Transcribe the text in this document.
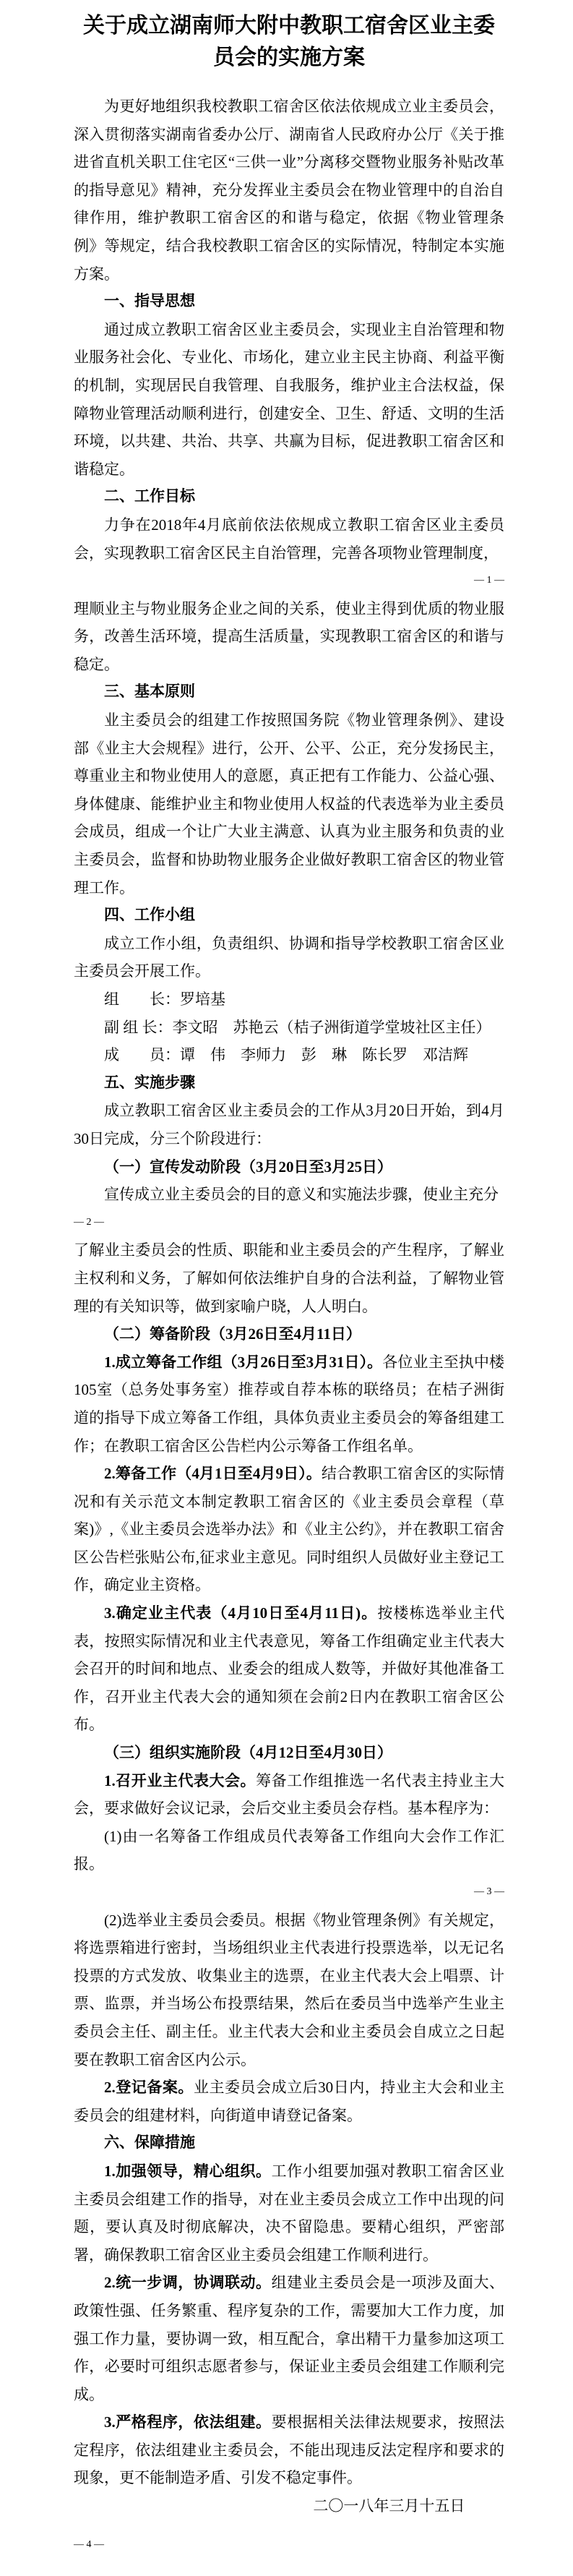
关于成立湖南师大附中教职工宿舍区业主委员会的实施方案

为更好地组织我校教职工宿舍区依法依规成立业主委员会，深入贯彻落实湖南省委办公厅、湖南省人民政府办公厅《关于推进省直机关职工住宅区“三供一业”分离移交暨物业服务补贴改革的指导意见》精神，充分发挥业主委员会在物业管理中的自治自律作用，维护教职工宿舍区的和谐与稳定，依据《物业管理条例》等规定，结合我校教职工宿舍区的实际情况，特制定本实施方案。

一、指导思想

通过成立教职工宿舍区业主委员会，实现业主自治管理和物业服务社会化、专业化、市场化，建立业主民主协商、利益平衡的机制，实现居民自我管理、自我服务，维护业主合法权益，保障物业管理活动顺利进行，创建安全、卫生、舒适、文明的生活环境，以共建、共治、共享、共赢为目标，促进教职工宿舍区和谐稳定。

二、工作目标

力争在2018年4月底前依法依规成立教职工宿舍区业主委员会，实现教职工宿舍区民主自治管理，完善各项物业管理制度，

— 1 —

理顺业主与物业服务企业之间的关系，使业主得到优质的物业服务，改善生活环境，提高生活质量，实现教职工宿舍区的和谐与稳定。

三、基本原则

业主委员会的组建工作按照国务院《物业管理条例》、建设部《业主大会规程》进行，公开、公平、公正，充分发扬民主，尊重业主和物业使用人的意愿，真正把有工作能力、公益心强、身体健康、能维护业主和物业使用人权益的代表选举为业主委员会成员，组成一个让广大业主满意、认真为业主服务和负责的业主委员会，监督和协助物业服务企业做好教职工宿舍区的物业管理工作。

四、工作小组

成立工作小组，负责组织、协调和指导学校教职工宿舍区业主委员会开展工作。

组　　长：罗培基

副 组 长：李文昭　苏艳云（桔子洲街道学堂坡社区主任）

成　　员：谭　伟　李师力　彭　琳　陈长罗　邓洁辉

五、实施步骤

成立教职工宿舍区业主委员会的工作从3月20日开始，到4月30日完成，分三个阶段进行：

（一）宣传发动阶段（3月20日至3月25日）

宣传成立业主委员会的目的意义和实施法步骤，使业主充分

— 2 —

了解业主委员会的性质、职能和业主委员会的产生程序，了解业主权利和义务，了解如何依法维护自身的合法利益，了解物业管理的有关知识等，做到家喻户晓，人人明白。

（二）筹备阶段（3月26日至4月11日）

1.成立筹备工作组（3月26日至3月31日）。各位业主至执中楼105室（总务处事务室）推荐或自荐本栋的联络员；在桔子洲街道的指导下成立筹备工作组，具体负责业主委员会的筹备组建工作；在教职工宿舍区公告栏内公示筹备工作组名单。

2.筹备工作（4月1日至4月9日）。结合教职工宿舍区的实际情况和有关示范文本制定教职工宿舍区的《业主委员会章程（草案)》,《业主委员会选举办法》和《业主公约》，并在教职工宿舍区公告栏张贴公布,征求业主意见。同时组织人员做好业主登记工作，确定业主资格。

3.确定业主代表（4月10日至4月11日)。按楼栋选举业主代表，按照实际情况和业主代表意见，筹备工作组确定业主代表大会召开的时间和地点、业委会的组成人数等，并做好其他准备工作，召开业主代表大会的通知须在会前2日内在教职工宿舍区公布。

（三）组织实施阶段（4月12日至4月30日）

1.召开业主代表大会。筹备工作组推选一名代表主持业主大会，要求做好会议记录，会后交业主委员会存档。基本程序为：

(1)由一名筹备工作组成员代表筹备工作组向大会作工作汇报。

— 3 —

(2)选举业主委员会委员。根据《物业管理条例》有关规定，将选票箱进行密封，当场组织业主代表进行投票选举，以无记名投票的方式发放、收集业主的选票，在业主代表大会上唱票、计票、监票，并当场公布投票结果，然后在委员当中选举产生业主委员会主任、副主任。业主代表大会和业主委员会自成立之日起要在教职工宿舍区内公示。

2.登记备案。业主委员会成立后30日内，持业主大会和业主委员会的组建材料，向街道申请登记备案。

六、保障措施

1.加强领导，精心组织。工作小组要加强对教职工宿舍区业主委员会组建工作的指导，对在业主委员会成立工作中出现的问题，要认真及时彻底解决，决不留隐患。要精心组织，严密部署，确保教职工宿舍区业主委员会组建工作顺利进行。

2.统一步调，协调联动。组建业主委员会是一项涉及面大、政策性强、任务繁重、程序复杂的工作，需要加大工作力度，加强工作力量，要协调一致，相互配合，拿出精干力量参加这项工作，必要时可组织志愿者参与，保证业主委员会组建工作顺利完成。

3.严格程序，依法组建。要根据相关法律法规要求，按照法定程序，依法组建业主委员会，不能出现违反法定程序和要求的现象，更不能制造矛盾、引发不稳定事件。

二〇一八年三月十五日

— 4 —
